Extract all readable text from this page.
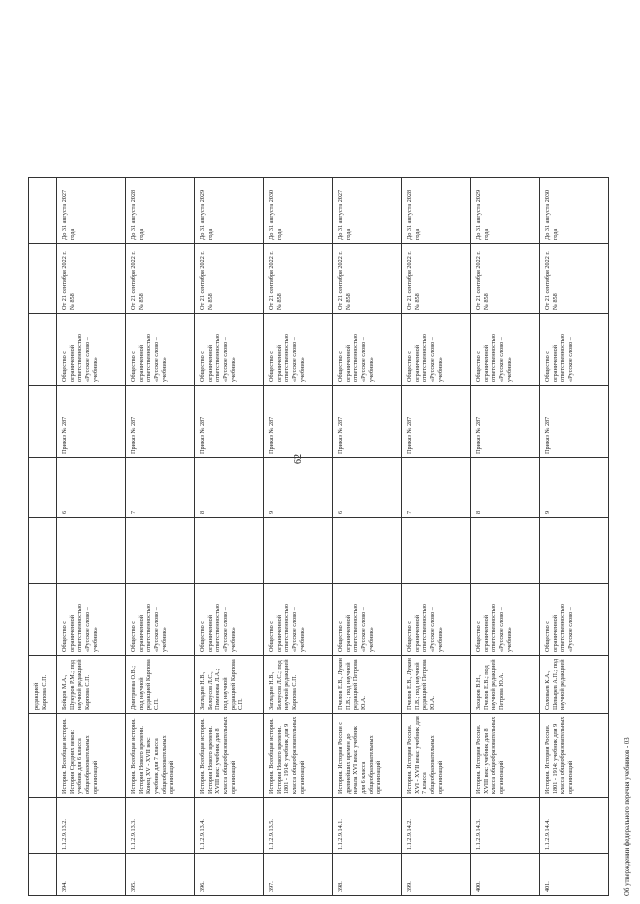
62
			редакцией
Карпова С.П.							
394.	1.1.2.9.13.2.	История. Всеобщая история. История Средних веков: учебник для 6 класса общеобразовательных организаций	Бойцов М.А., Шукуров Р.М.; под научной редакцией Карпова С.П.	Общество с ограниченной ответственностью «Русское слово – учебник»		6	Приказ № 287	Общество с ограниченной ответственностью «Русское слово – учебник»	От 21 сентября 2022 г. № 858	До 31 августа 2027 года
395.	1.1.2.9.13.3.	История. Всеобщая история. История Нового времени. Конец XV - XVII век: учебник для 7 класса общеобразовательных организаций	Дмитриева О.В.; под научной редакцией Карпова С.П.	Общество с ограниченной ответственностью «Русское слово – учебник»		7	Приказ № 287	Общество с ограниченной ответственностью «Русское слово – учебник»	От 21 сентября 2022 г. № 858	До 31 августа 2028 года
396.	1.1.2.9.13.4.	История. Всеобщая история. История Нового времени. XVIII век: учебник для 8 класса общеобразовательных организаций	Загладин Н.В., Белоусов Л.С., Пименова Л.А.; под научной редакцией Карпова С.П.	Общество с ограниченной ответственностью «Русское слово – учебник»		8	Приказ № 287	Общество с ограниченной ответственностью «Русское слово – учебник»	От 21 сентября 2022 г. № 858	До 31 августа 2029 года
397.	1.1.2.9.13.5.	История. Всеобщая история. История Нового времени. 1801 - 1914: учебник для 9 класса общеобразовательных организаций	Загладин Н.В., Белоусов Л.С.; под научной редакцией Карпова С.П.	Общество с ограниченной ответственностью «Русское слово – учебник»		9	Приказ № 287	Общество с ограниченной ответственностью «Русское слово – учебник»	От 21 сентября 2022 г. № 858	До 31 августа 2030 года
398.	1.1.2.9.14.1.	История. История России с древнейших времен до начала XVI века: учебник для 6 класса общеобразовательных организаций	Пчелов Е.В., Лукин П.В.; под научной редакцией Петрова Ю.А.	Общество с ограниченной ответственностью «Русское слово – учебник»		6	Приказ № 287	Общество с ограниченной ответственностью «Русское слово – учебник»	От 21 сентября 2022 г. № 858	До 31 августа 2027 года
399.	1.1.2.9.14.2.	История. История России. XVI - XVII века: учебник для 7 класса общеобразовательных организаций	Пчелов Е.В., Лукин П.В.; под научной редакцией Петрова Ю.А.	Общество с ограниченной ответственностью «Русское слово – учебник»		7	Приказ № 287	Общество с ограниченной ответственностью «Русское слово – учебник»	От 21 сентября 2022 г. № 858	До 31 августа 2028 года
400.	1.1.2.9.14.3.	История. История России. XVIII век: учебник для 8 класса общеобразовательных организаций	Захаров В.Н., Пчелов Е.В.; под научной редакцией Петрова Ю.А.	Общество с ограниченной ответственностью «Русское слово – учебник»		8	Приказ № 287	Общество с ограниченной ответственностью «Русское слово – учебник»	От 21 сентября 2022 г. № 858	До 31 августа 2029 года
401.	1.1.2.9.14.4.	История. История России. 1801 - 1914: учебник для 9 класса общеобразовательных организаций	Соловьев К.А., Шевырев А.П.; под научной редакцией	Общество с ограниченной ответственностью «Русское слово –		9	Приказ № 287	Общество с ограниченной ответственностью «Русское слово –	От 21 сентября 2022 г. № 858	До 31 августа 2030 года
Об утверждении федерального перечня учебников - 03
